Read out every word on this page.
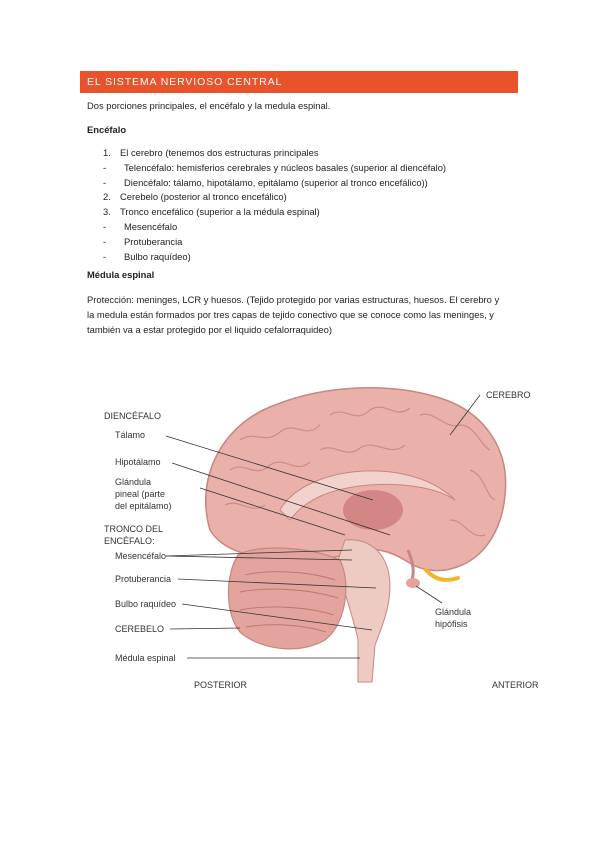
EL SISTEMA NERVIOSO CENTRAL
Dos porciones principales, el encéfalo y la medula espinal.
Encéfalo
1. El cerebro (tenemos dos estructuras principales
- Telencéfalo: hemisferios cerebrales y núcleos basales (superior al diencéfalo)
- Diencéfalo: tálamo, hipotálamo, epitálamo (superior al tronco encefálico))
2. Cerebelo (posterior al tronco encefálico)
3. Tronco encefálico (superior a la médula espinal)
- Mesencéfalo
- Protuberancia
- Bulbo raquídeo)
Médula espinal
Protección: meninges, LCR y huesos. (Tejido protegido por varias estructuras, huesos. El cerebro y
la medula están formados por tres capas de tejido conectivo que se conoce como las meninges, y
también va a estar protegido por el liquido cefalorraquideo)
CEREBRO
DIENCÉFALO
Tálamo
Hipotálamo
Glándula
pineal (parte
del epitálamo)
TRONCO DEL
ENCÉFALO:
Mesencéfalo
Protuberancia
Bulbo raquídeo
CEREBELO
Médula espinal
Glándula
hipófisis
POSTERIOR	ANTERIOR
